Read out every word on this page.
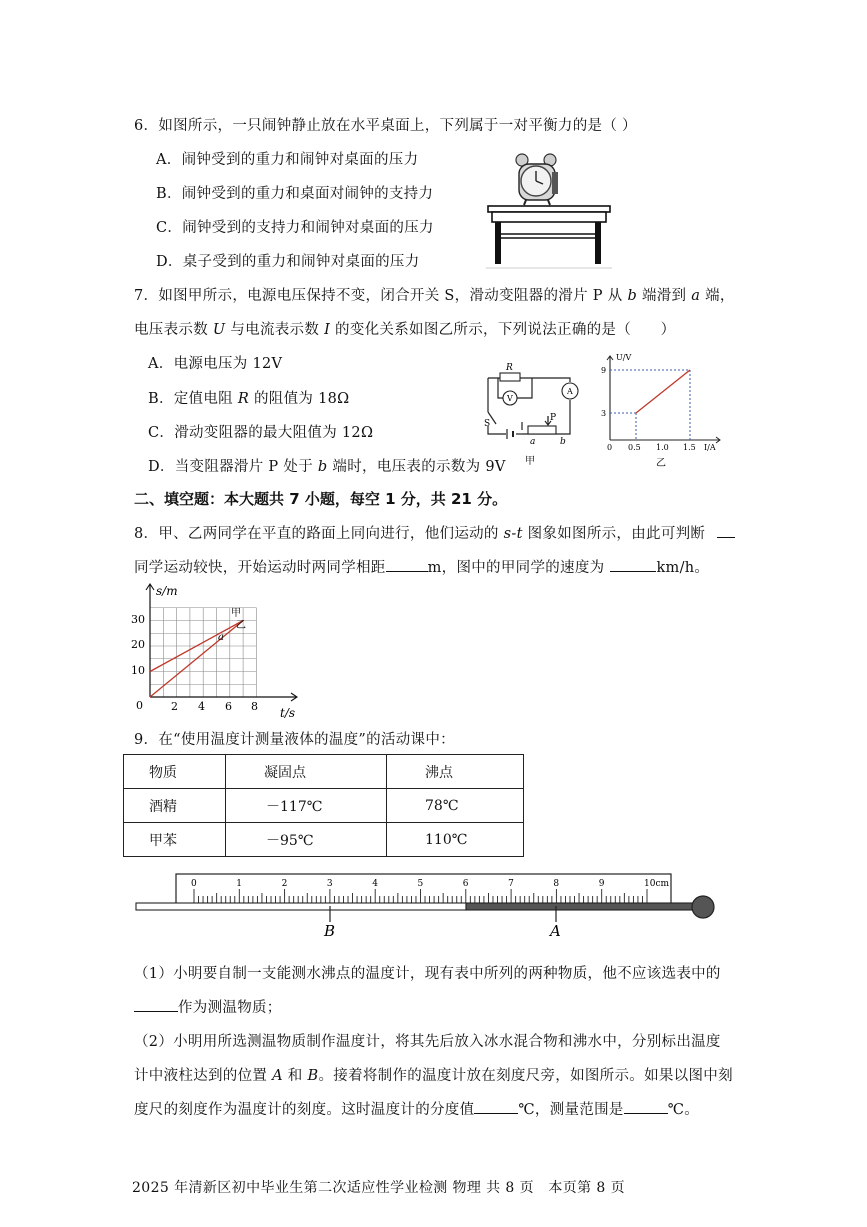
6．如图所示，一只闹钟静止放在水平桌面上，下列属于一对平衡力的是（ ）
A．闹钟受到的重力和闹钟对桌面的压力
B．闹钟受到的重力和桌面对闹钟的支持力
C．闹钟受到的支持力和闹钟对桌面的压力
D．桌子受到的重力和闹钟对桌面的压力
7．如图甲所示，电源电压保持不变，闭合开关 S，滑动变阻器的滑片 P 从 b 端滑到 a 端，
电压表示数 U 与电流表示数 I 的变化关系如图乙所示，下列说法正确的是（　　）
A．电源电压为 12V
B．定值电阻 R 的阻值为 18Ω
C．滑动变阻器的最大阻值为 12Ω
D．当变阻器滑片 P 处于 b 端时，电压表的示数为 9V
R
V
A
S
P
a	b
甲
U/V
I/A
9
3
0 0.5 1.0 1.5
乙
二、填空题：本大题共 7 小题，每空 1 分，共 21 分。
8．甲、乙两同学在平直的路面上同向进行，他们运动的 s-t 图象如图所示，由此可判断
同学运动较快，开始运动时两同学相距	m，图中的甲同学的速度为	km/h。
s/m
t/s
30
20
10
0	2 4 6 8
甲
乙
a
9．在“使用温度计测量液体的温度”的活动课中：
物质	凝固点	沸点

酒精	－117℃	78℃

甲苯	－95℃	110℃
0	1	2	3	4	5	6	7	8	9	10cm
B	A
（1）小明要自制一支能测水沸点的温度计，现有表中所列的两种物质，他不应该选表中的
作为测温物质；
（2）小明用所选测温物质制作温度计，将其先后放入冰水混合物和沸水中，分别标出温度
计中液柱达到的位置 A 和 B。接着将制作的温度计放在刻度尺旁，如图所示。如果以图中刻
度尺的刻度作为温度计的刻度。这时温度计的分度值	℃，测量范围是	℃。
2025 年清新区初中毕业生第二次适应性学业检测 物理 共 8 页　本页第 8 页
